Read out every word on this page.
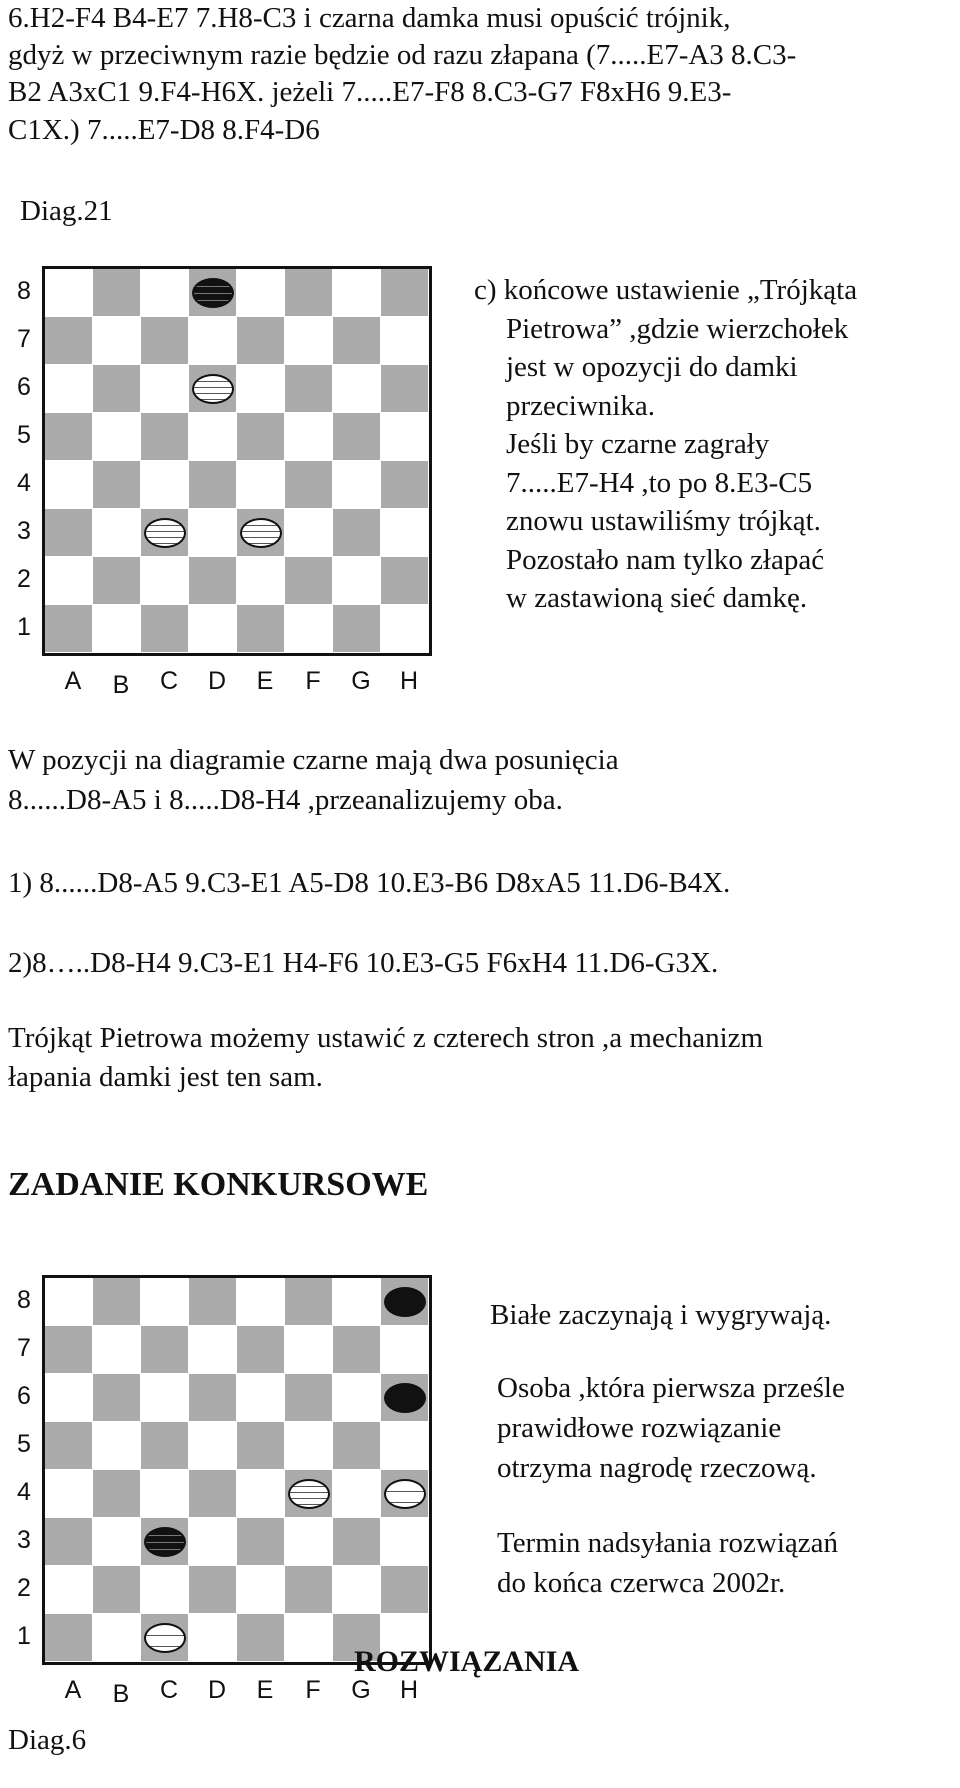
6.H2-F4 B4-E7 7.H8-C3 i czarna damka musi opuścić trójnik,
gdyż w przeciwnym razie będzie od razu złapana (7.....E7-A3 8.C3-
B2 A3xC1 9.F4-H6X. jeżeli 7.....E7-F8 8.C3-G7 F8xH6 9.E3-
C1X.) 7.....E7-D8 8.F4-D6
Diag.21
8
7
6
5
4
3
2
1
A	B	C	D	E	F	G	H
c) końcowe ustawienie „Trójkąta
Pietrowa” ,gdzie wierzchołek
jest w opozycji do damki
przeciwnika.
Jeśli by czarne zagrały
7.....E7-H4 ,to po 8.E3-C5
znowu ustawiliśmy trójkąt.
Pozostało nam tylko złapać
w zastawioną sieć damkę.
W pozycji na diagramie czarne mają dwa posunięcia
8......D8-A5 i 8.....D8-H4 ,przeanalizujemy oba.
1) 8......D8-A5 9.C3-E1 A5-D8 10.E3-B6 D8xA5 11.D6-B4X.
2)8…..D8-H4 9.C3-E1 H4-F6 10.E3-G5 F6xH4 11.D6-G3X.
Trójkąt Pietrowa możemy ustawić z czterech stron ,a mechanizm
łapania damki jest ten sam.
ZADANIE KONKURSOWE
8
7
6
5
4
3
2
1
A	B	C	D	E	F	G	H
Białe zaczynają i wygrywają.
Osoba ,która pierwsza prześle
prawidłowe rozwiązanie
otrzyma nagrodę rzeczową.
Termin nadsyłania rozwiązań
do końca czerwca 2002r.
Diag.6
ROZWIĄZANIA
